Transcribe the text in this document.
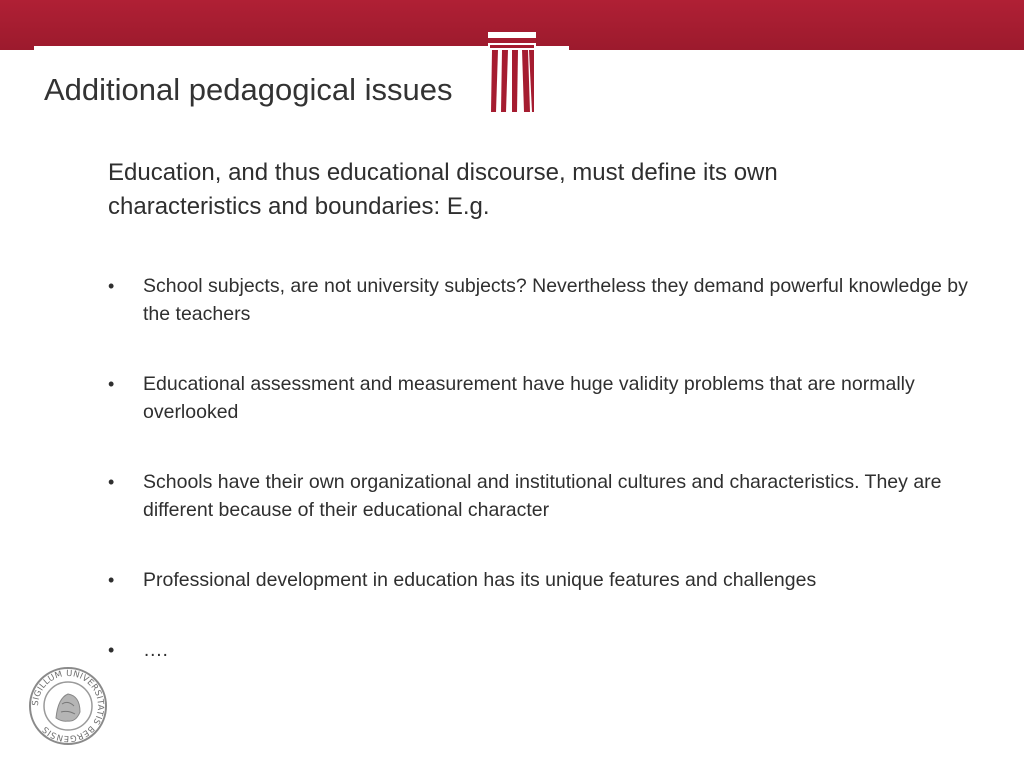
Additional pedagogical issues
Education, and thus educational discourse, must define its own characteristics and boundaries: E.g.
•	School subjects, are not university subjects? Nevertheless they demand powerful knowledge by the teachers
•	Educational assessment and measurement have huge validity problems that are normally overlooked
•	Schools have their own organizational and institutional cultures and characteristics. They are different because of their educational character
•	Professional development in education has its unique features and challenges
•	….
SIGILLUM UNIVERSITATIS BERGENSIS
